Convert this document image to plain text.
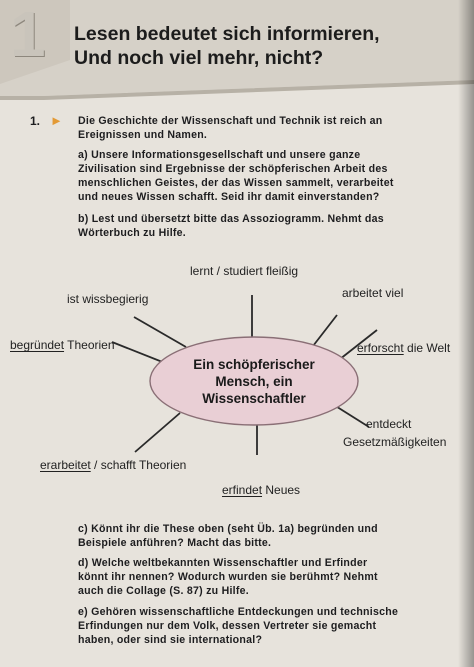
1 Lesen bedeutet sich informieren,
Und noch viel mehr, nicht?
1. ► Die Geschichte der Wissenschaft und Technik ist reich an
Ereignissen und Namen.
a) Unsere Informationsgesellschaft und unsere ganze
Zivilisation sind Ergebnisse der schöpferischen Arbeit des
menschlichen Geistes, der das Wissen sammelt, verarbeitet
und neues Wissen schafft. Seid ihr damit einverstanden?
b) Lest und übersetzt bitte das Assoziogramm. Nehmt das
Wörterbuch zu Hilfe.
Ein schöpferischer
Mensch, ein
Wissenschaftler
lernt / studiert fleißig
ist wissbegierig	arbeitet viel
begründet Theorien	erforscht die Welt
entdeckt
Gesetzmäßigkeiten
erarbeitet / schafft Theorien
erfindet Neues
c) Könnt ihr die These oben (seht Üb. 1a) begründen und
Beispiele anführen? Macht das bitte.
d) Welche weltbekannten Wissenschaftler und Erfinder
könnt ihr nennen? Wodurch wurden sie berühmt? Nehmt
auch die Collage (S. 87) zu Hilfe.
e) Gehören wissenschaftliche Entdeckungen und technische
Erfindungen nur dem Volk, dessen Vertreter sie gemacht
haben, oder sind sie international?
